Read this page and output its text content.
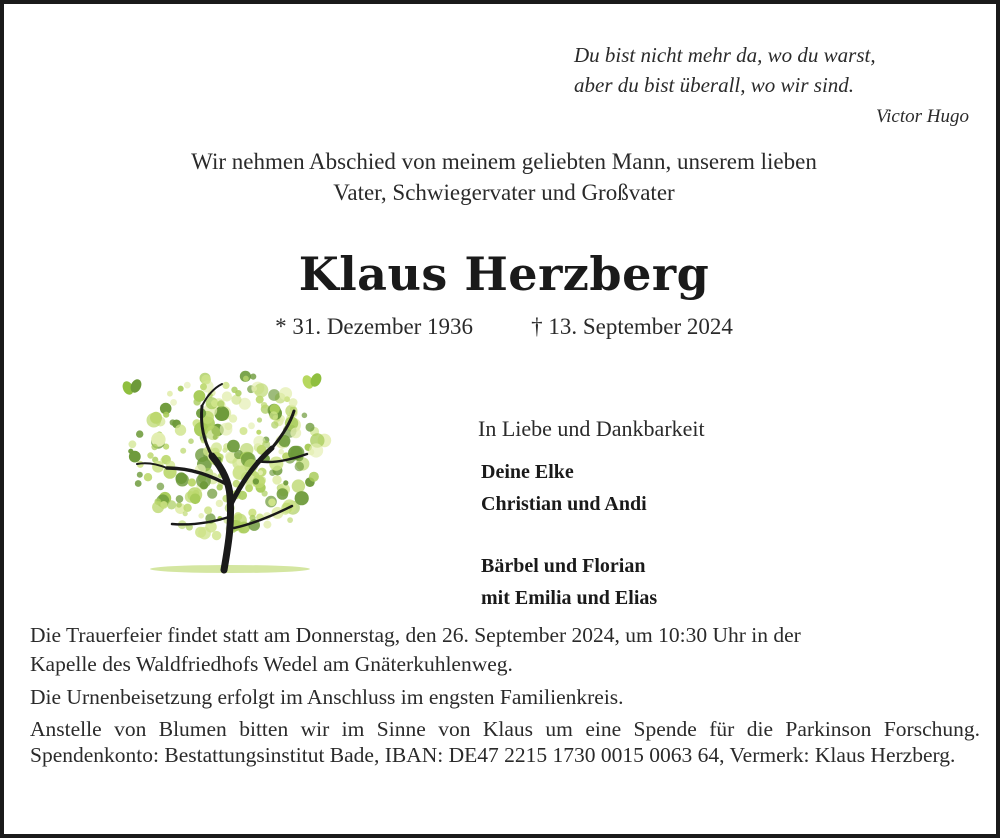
Du bist nicht mehr da, wo du warst,
aber du bist überall, wo wir sind.
Victor Hugo
Wir nehmen Abschied von meinem geliebten Mann, unserem lieben
Vater, Schwiegervater und Großvater
Klaus Herzberg
* 31. Dezember 1936	† 13. September 2024
In Liebe und Dankbarkeit
Deine Elke
Christian und Andi
Bärbel und Florian
mit Emilia und Elias

Die Trauerfeier findet statt am Donnerstag, den 26. September 2024, um 10:30 Uhr in der
Kapelle des Waldfriedhofs Wedel am Gnäterkuhlenweg.

Die Urnenbeisetzung erfolgt im Anschluss im engsten Familienkreis.

Anstelle von Blumen bitten wir im Sinne von Klaus um eine Spende für die Parkinson Forschung. Spendenkonto: Bestattungsinstitut Bade, IBAN: DE47 2215 1730 0015 0063 64, Vermerk: Klaus Herzberg.
